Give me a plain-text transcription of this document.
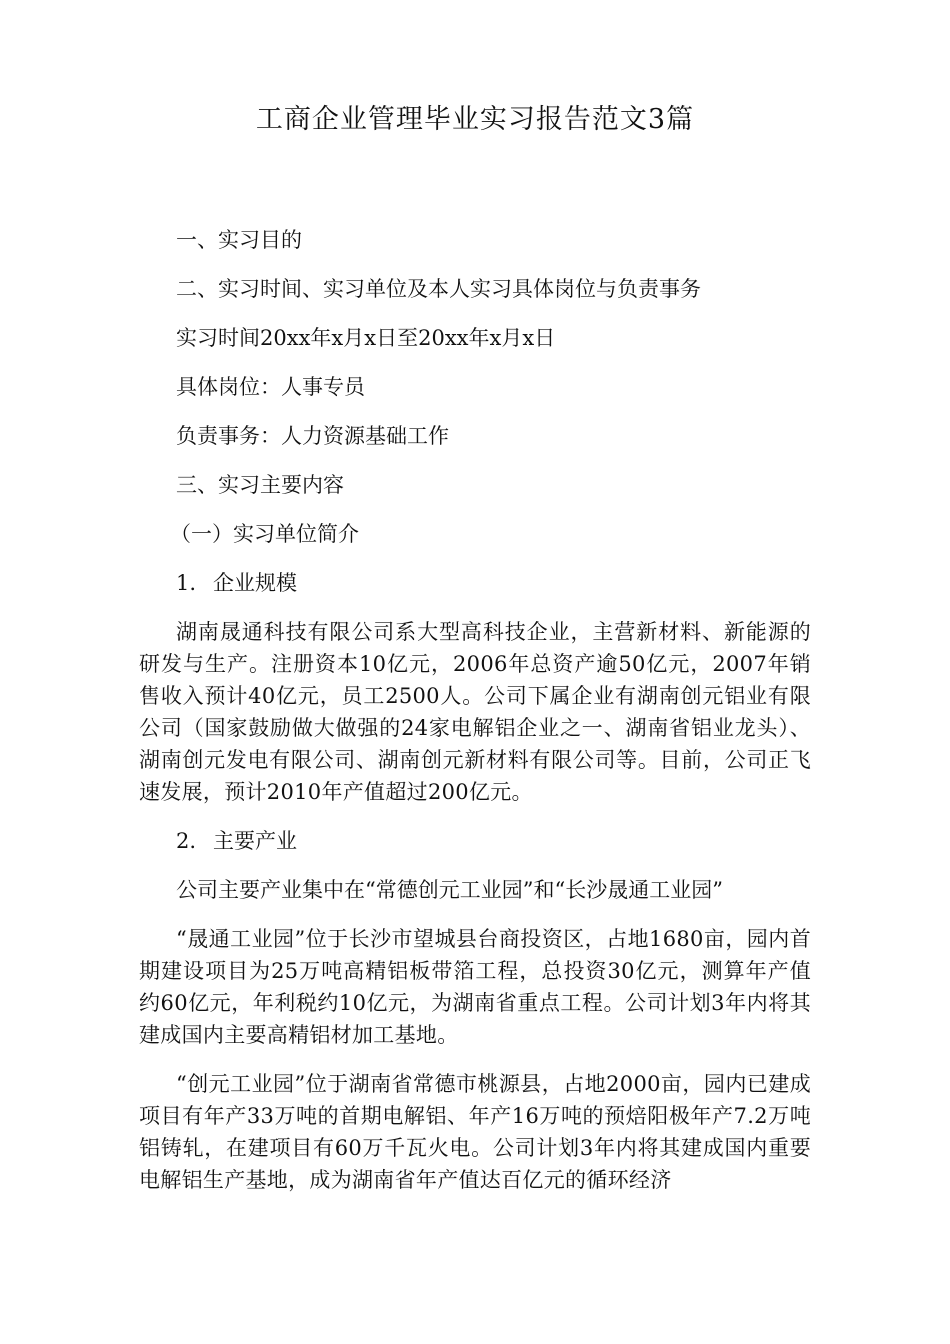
工商企业管理毕业实习报告范文3篇

一、实习目的

二、实习时间、实习单位及本人实习具体岗位与负责事务

实习时间20xx年x月x日至20xx年x月x日

具体岗位：人事专员

负责事务：人力资源基础工作

三、实习主要内容

（一）实习单位简介

1. 企业规模

湖南晟通科技有限公司系大型高科技企业，主营新材料、新能源的研发与生产。注册资本10亿元，2006年总资产逾50亿元，2007年销售收入预计40亿元，员工2500人。公司下属企业有湖南创元铝业有限公司（国家鼓励做大做强的24家电解铝企业之一、湖南省铝业龙头）、湖南创元发电有限公司、湖南创元新材料有限公司等。目前，公司正飞速发展，预计2010年产值超过200亿元。

2. 主要产业

公司主要产业集中在“常德创元工业园”和“长沙晟通工业园”

“晟通工业园”位于长沙市望城县台商投资区，占地1680亩，园内首期建设项目为25万吨高精铝板带箔工程，总投资30亿元，测算年产值约60亿元，年利税约10亿元，为湖南省重点工程。公司计划3年内将其建成国内主要高精铝材加工基地。

“创元工业园”位于湖南省常德市桃源县，占地2000亩，园内已建成项目有年产33万吨的首期电解铝、年产16万吨的预焙阳极年产7.2万吨铝铸轧，在建项目有60万千瓦火电。公司计划3年内将其建成国内重要电解铝生产基地，成为湖南省年产值达百亿元的循环经济
